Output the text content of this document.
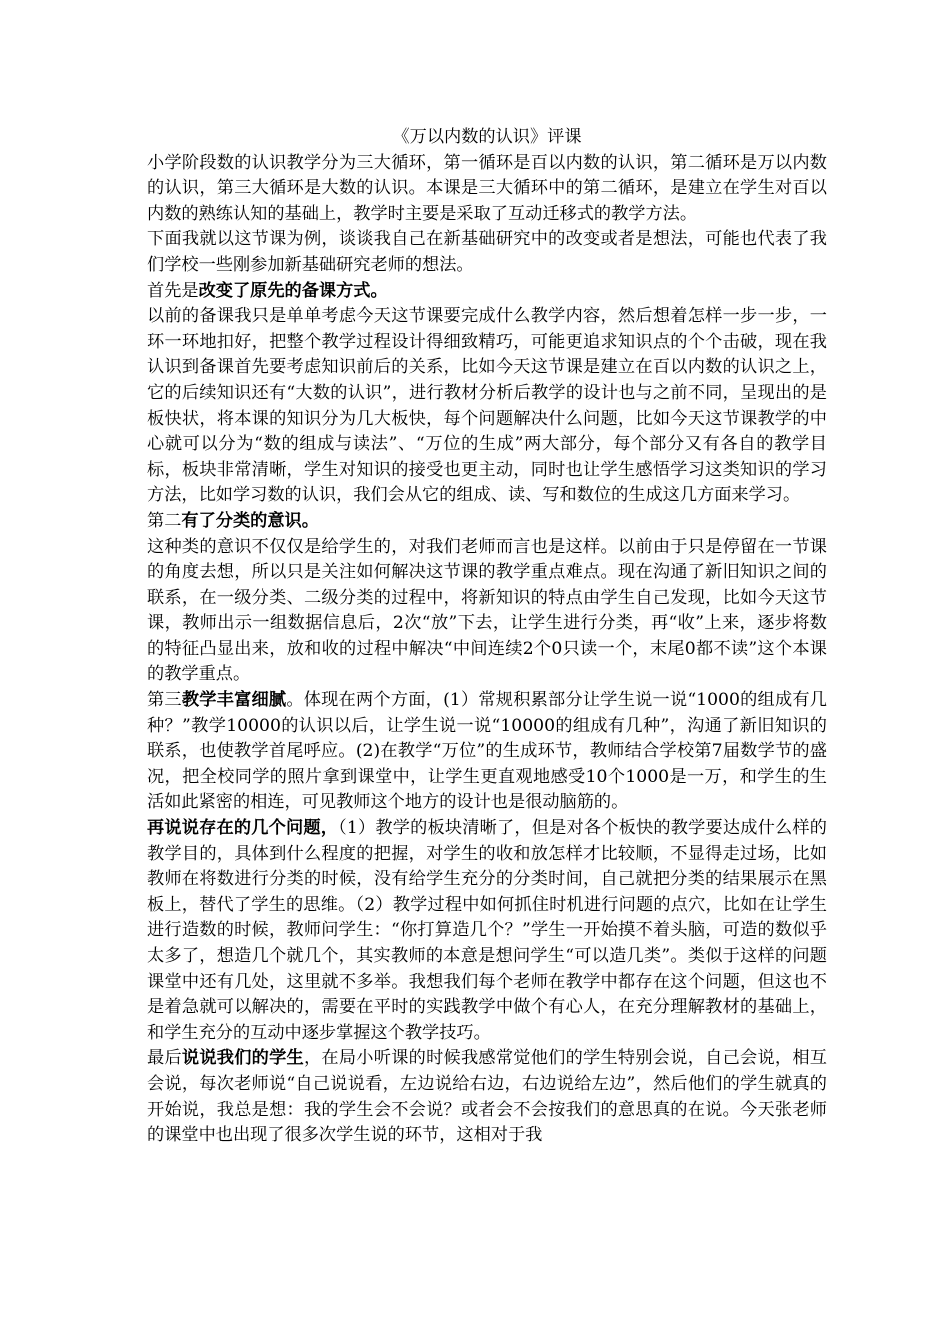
《万以内数的认识》评课

小学阶段数的认识教学分为三大循环，第一循环是百以内数的认识，第二循环是万以内数的认识，第三大循环是大数的认识。本课是三大循环中的第二循环，是建立在学生对百以内数的熟练认知的基础上，教学时主要是采取了互动迁移式的教学方法。

下面我就以这节课为例，谈谈我自己在新基础研究中的改变或者是想法，可能也代表了我们学校一些刚参加新基础研究老师的想法。

首先是改变了原先的备课方式。

以前的备课我只是单单考虑今天这节课要完成什么教学内容，然后想着怎样一步一步，一环一环地扣好，把整个教学过程设计得细致精巧，可能更追求知识点的个个击破，现在我认识到备课首先要考虑知识前后的关系，比如今天这节课是建立在百以内数的认识之上，它的后续知识还有“大数的认识”，进行教材分析后教学的设计也与之前不同，呈现出的是板快状，将本课的知识分为几大板快，每个问题解决什么问题，比如今天这节课教学的中心就可以分为“数的组成与读法”、“万位的生成”两大部分，每个部分又有各自的教学目标，板块非常清晰，学生对知识的接受也更主动，同时也让学生感悟学习这类知识的学习方法，比如学习数的认识，我们会从它的组成、读、写和数位的生成这几方面来学习。

第二有了分类的意识。

这种类的意识不仅仅是给学生的，对我们老师而言也是这样。以前由于只是停留在一节课的角度去想，所以只是关注如何解决这节课的教学重点难点。现在沟通了新旧知识之间的联系，在一级分类、二级分类的过程中，将新知识的特点由学生自己发现，比如今天这节课，教师出示一组数据信息后，2次“放”下去，让学生进行分类，再“收”上来，逐步将数的特征凸显出来，放和收的过程中解决“中间连续2个0只读一个，末尾0都不读”这个本课的教学重点。

第三教学丰富细腻。体现在两个方面，(1）常规积累部分让学生说一说“1000的组成有几种？”教学10000的认识以后，让学生说一说“10000的组成有几种”，沟通了新旧知识的联系，也使教学首尾呼应。(2)在教学“万位”的生成环节，教师结合学校第7届数学节的盛况，把全校同学的照片拿到课堂中，让学生更直观地感受10个1000是一万，和学生的生活如此紧密的相连，可见教师这个地方的设计也是很动脑筋的。

再说说存在的几个问题，（1）教学的板块清晰了，但是对各个板快的教学要达成什么样的教学目的，具体到什么程度的把握，对学生的收和放怎样才比较顺，不显得走过场，比如教师在将数进行分类的时候，没有给学生充分的分类时间，自己就把分类的结果展示在黑板上，替代了学生的思维。（2）教学过程中如何抓住时机进行问题的点穴，比如在让学生进行造数的时候，教师问学生：“你打算造几个？”学生一开始摸不着头脑，可造的数似乎太多了，想造几个就几个，其实教师的本意是想问学生“可以造几类”。类似于这样的问题课堂中还有几处，这里就不多举。我想我们每个老师在教学中都存在这个问题，但这也不是着急就可以解决的，需要在平时的实践教学中做个有心人，在充分理解教材的基础上，和学生充分的互动中逐步掌握这个教学技巧。

最后说说我们的学生，在局小听课的时候我感常觉他们的学生特别会说，自己会说，相互会说，每次老师说“自己说说看，左边说给右边，右边说给左边”，然后他们的学生就真的开始说，我总是想：我的学生会不会说？或者会不会按我们的意思真的在说。今天张老师的课堂中也出现了很多次学生说的环节，这相对于我
